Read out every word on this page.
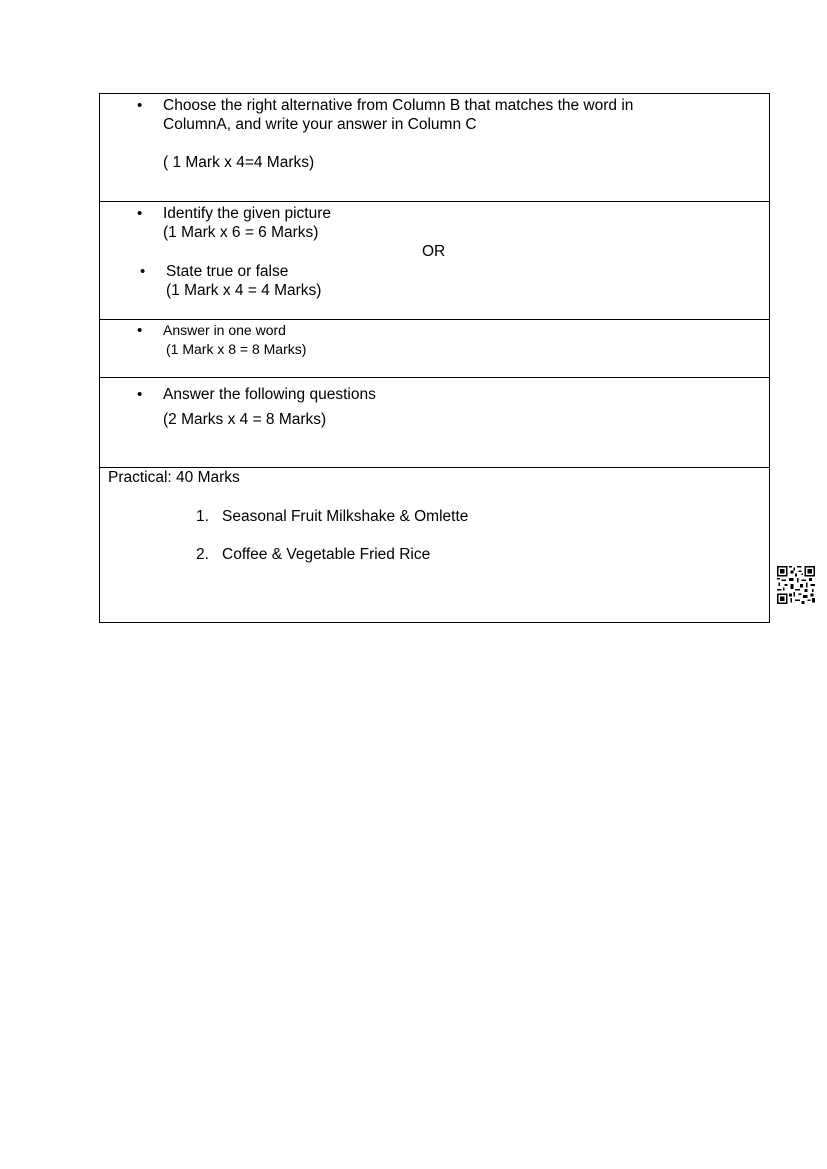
• Choose the right alternative from Column B that matches the word in
ColumnA, and write your answer in Column C
( 1 Mark x 4=4 Marks)
• Identify the given picture
(1 Mark x 6 = 6 Marks)
OR
• State true or false
(1 Mark x 4 = 4 Marks)
• Answer in one word
(1 Mark x 8 = 8 Marks)
• Answer the following questions
(2 Marks x 4 = 8 Marks)
Practical: 40 Marks
1. Seasonal Fruit Milkshake & Omlette
2. Coffee & Vegetable Fried Rice
